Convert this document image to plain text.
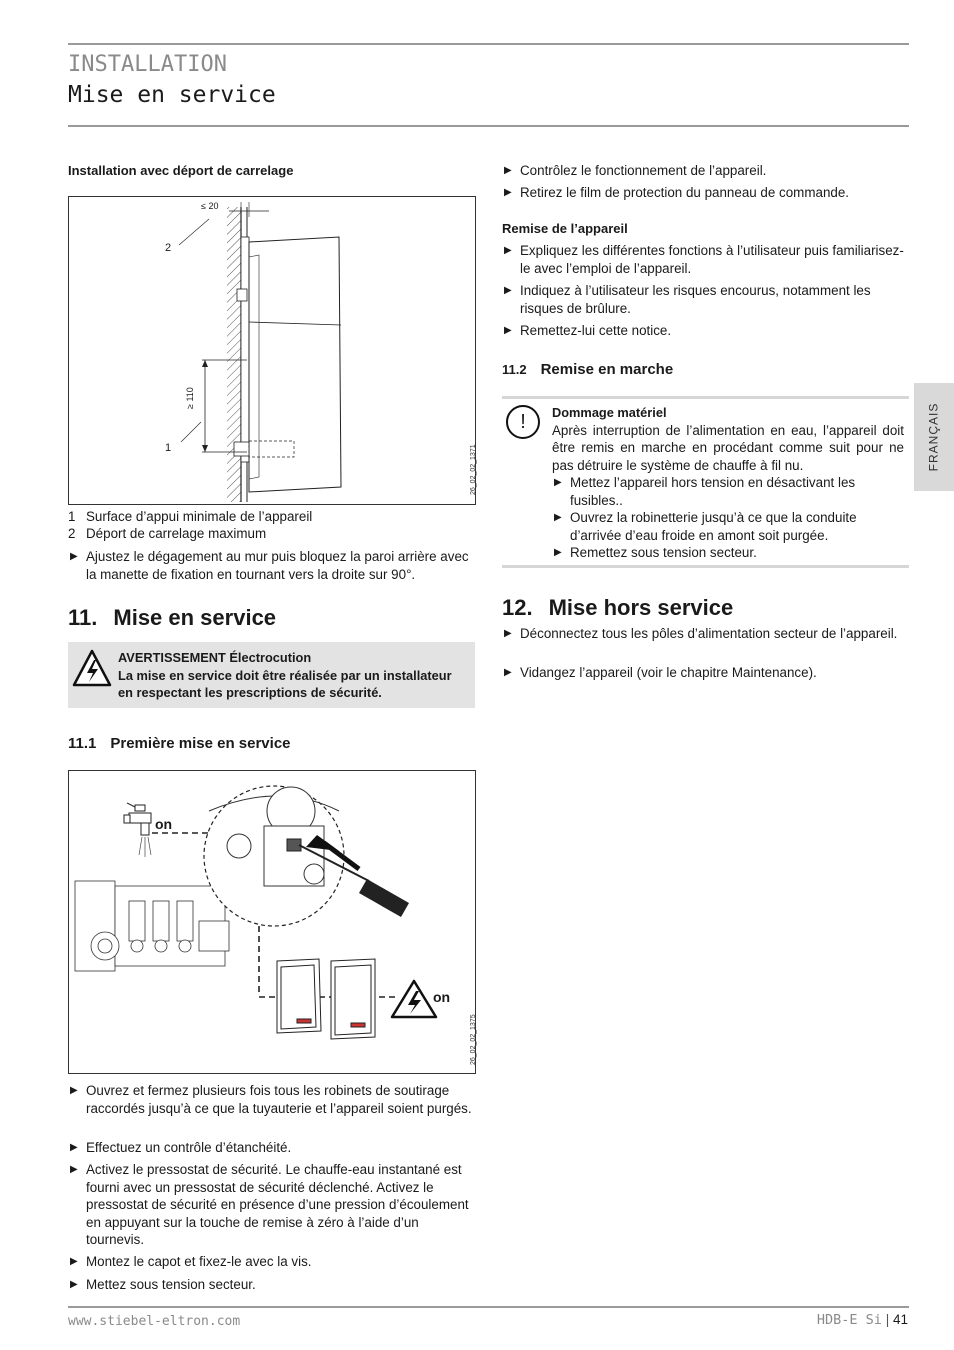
INSTALLATION
Mise en service
FRANÇAIS
Installation avec déport de carrelage
≤ 20
≥ 110
2
1	26_02_02_1371
1 Surface d’appui minimale de l’appareil
2 Déport de carrelage maximum
▶ Ajustez le dégagement au mur puis bloquez la paroi arrière avec la manette de fixation en tournant vers la droite sur 90°.
11. Mise en service
AVERTISSEMENT Électrocution
La mise en service doit être réalisée par un installateur en respectant les prescriptions de sécurité.
11.1 Première mise en service
on
on
26_02_02_1375
▶ Ouvrez et fermez plusieurs fois tous les robinets de soutirage raccordés jusqu’à ce que la tuyauterie et l’appareil soient purgés.
▶ Effectuez un contrôle d’étanchéité.
▶ Activez le pressostat de sécurité. Le chauffe-eau instantané est fourni avec un pressostat de sécurité déclenché. Activez le pressostat de sécurité en présence d’une pression d’écoulement en appuyant sur la touche de remise à zéro à l’aide d’un tournevis.
▶ Montez le capot et fixez-le avec la vis.
▶ Mettez sous tension secteur.
▶ Contrôlez le fonctionnement de l’appareil.
▶ Retirez le film de protection du panneau de commande.
Remise de l’appareil
▶ Expliquez les différentes fonctions à l’utilisateur puis familiarisez-le avec l’emploi de l’appareil.
▶ Indiquez à l’utilisateur les risques encourus, notamment les risques de brûlure.
▶ Remettez-lui cette notice.
11.2 Remise en marche
!	Dommage matériel
Après interruption de l’alimentation en eau, l’appareil doit être remis en marche en procédant comme suit pour ne pas détruire le système de chauffe à fil nu.
▶ Mettez l’appareil hors tension en désactivant les fusibles..
▶ Ouvrez la robinetterie jusqu’à ce que la conduite d’arrivée d’eau froide en amont soit purgée.
▶ Remettez sous tension secteur.
12. Mise hors service
▶ Déconnectez tous les pôles d’alimentation secteur de l’appareil.
▶ Vidangez l’appareil (voir le chapitre Maintenance).
www.stiebel-eltron.com	HDB-E Si | 41
